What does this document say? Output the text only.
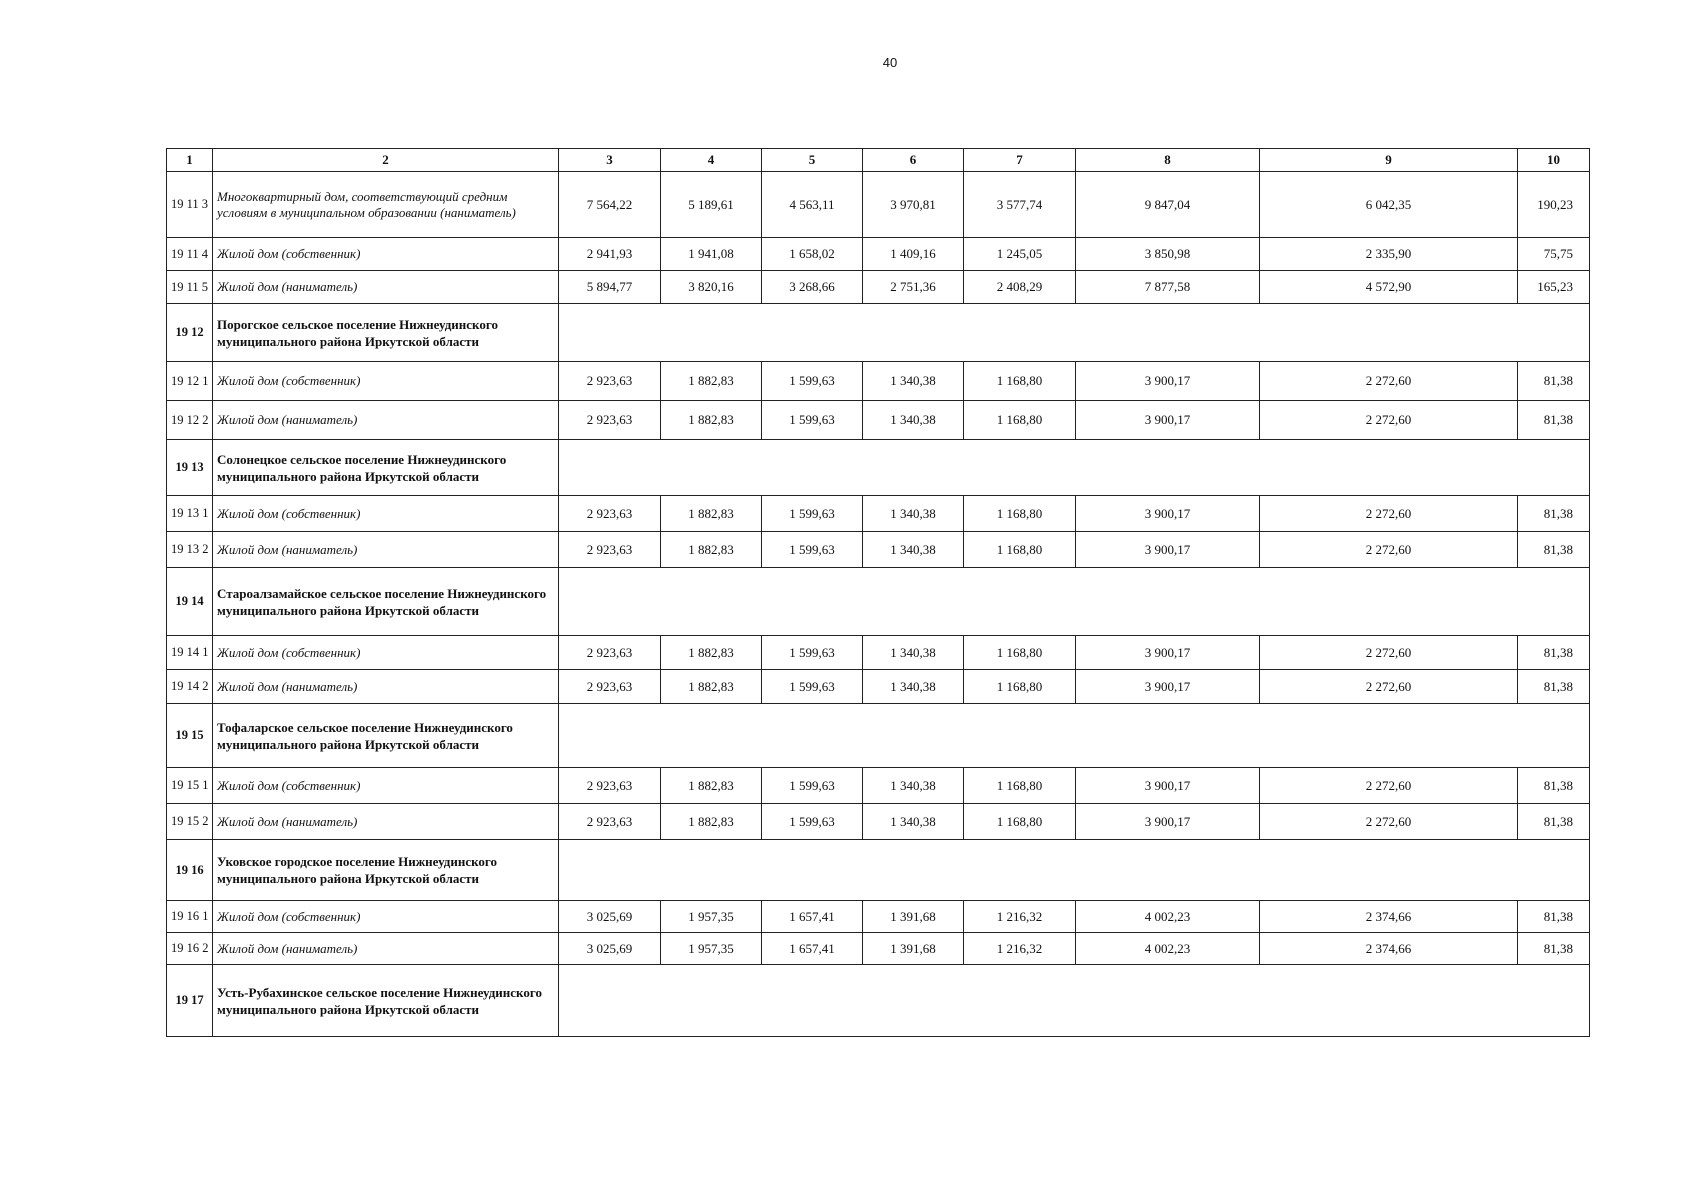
40
1	2	3	4	5	6	7	8	9	10
19 11 3	Многоквартирный дом, соответствующий средним условиям в муниципальном образовании (наниматель)	7 564,22	5 189,61	4 563,11	3 970,81	3 577,74	9 847,04	6 042,35	190,23
19 11 4	Жилой дом (собственник)	2 941,93	1 941,08	1 658,02	1 409,16	1 245,05	3 850,98	2 335,90	75,75
19 11 5	Жилой дом (наниматель)	5 894,77	3 820,16	3 268,66	2 751,36	2 408,29	7 877,58	4 572,90	165,23
19 12	Порогское сельское поселение Нижнеудинского муниципального района Иркутской области								
19 12 1	Жилой дом (собственник)	2 923,63	1 882,83	1 599,63	1 340,38	1 168,80	3 900,17	2 272,60	81,38
19 12 2	Жилой дом (наниматель)	2 923,63	1 882,83	1 599,63	1 340,38	1 168,80	3 900,17	2 272,60	81,38
19 13	Солонецкое сельское поселение Нижнеудинского муниципального района Иркутской области								
19 13 1	Жилой дом (собственник)	2 923,63	1 882,83	1 599,63	1 340,38	1 168,80	3 900,17	2 272,60	81,38
19 13 2	Жилой дом (наниматель)	2 923,63	1 882,83	1 599,63	1 340,38	1 168,80	3 900,17	2 272,60	81,38
19 14	Староалзамайское сельское поселение Нижнеудинского муниципального района Иркутской области								
19 14 1	Жилой дом (собственник)	2 923,63	1 882,83	1 599,63	1 340,38	1 168,80	3 900,17	2 272,60	81,38
19 14 2	Жилой дом (наниматель)	2 923,63	1 882,83	1 599,63	1 340,38	1 168,80	3 900,17	2 272,60	81,38
19 15	Тофаларское сельское поселение Нижнеудинского муниципального района Иркутской области								
19 15 1	Жилой дом (собственник)	2 923,63	1 882,83	1 599,63	1 340,38	1 168,80	3 900,17	2 272,60	81,38
19 15 2	Жилой дом (наниматель)	2 923,63	1 882,83	1 599,63	1 340,38	1 168,80	3 900,17	2 272,60	81,38
19 16	Уковское городское поселение Нижнеудинского муниципального района Иркутской области								
19 16 1	Жилой дом (собственник)	3 025,69	1 957,35	1 657,41	1 391,68	1 216,32	4 002,23	2 374,66	81,38
19 16 2	Жилой дом (наниматель)	3 025,69	1 957,35	1 657,41	1 391,68	1 216,32	4 002,23	2 374,66	81,38
19 17	Усть-Рубахинское сельское поселение Нижнеудинского муниципального района Иркутской области								
